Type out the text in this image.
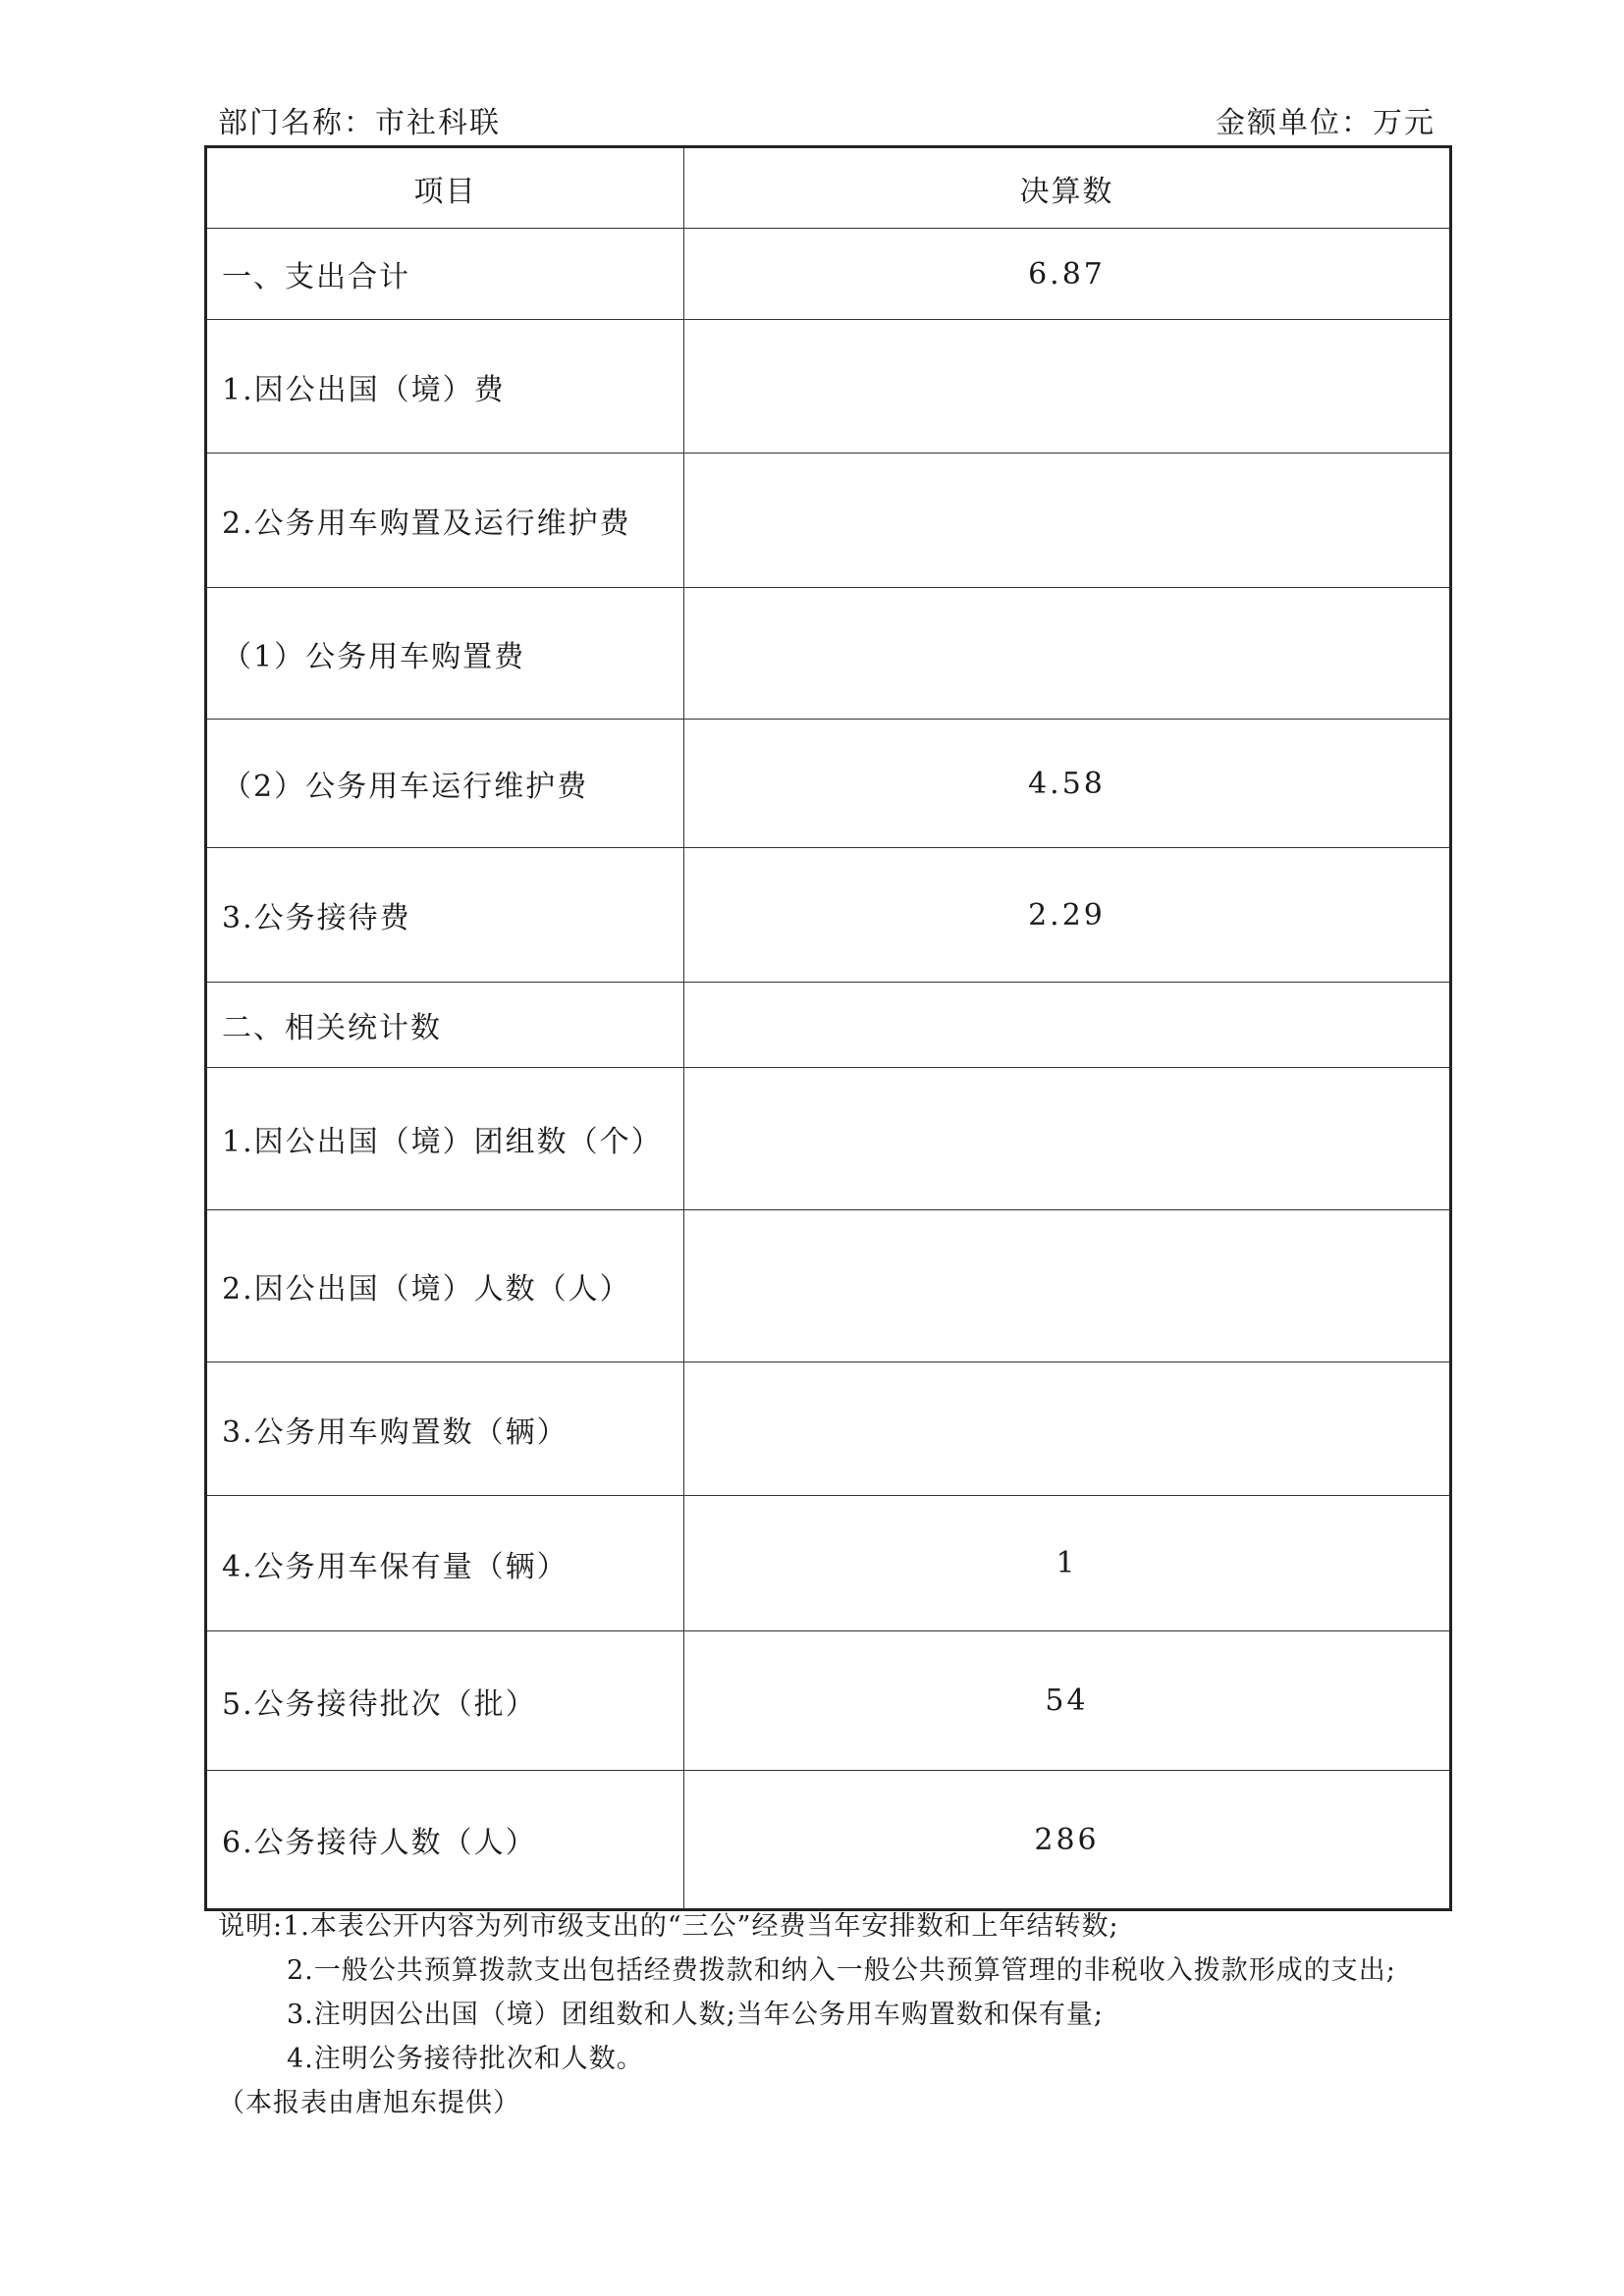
部门名称：市社科联	金额单位：万元
项目	决算数
一、支出合计	6.87
1.因公出国（境）费	
2.公务用车购置及运行维护费	
（1）公务用车购置费	
（2）公务用车运行维护费	4.58
3.公务接待费	2.29
二、相关统计数	
1.因公出国（境）团组数（个）	
2.因公出国（境）人数（人）	
3.公务用车购置数（辆）	
4.公务用车保有量（辆）	1
5.公务接待批次（批）	54
6.公务接待人数（人）	286
说明:1.本表公开内容为列市级支出的“三公”经费当年安排数和上年结转数;
2.一般公共预算拨款支出包括经费拨款和纳入一般公共预算管理的非税收入拨款形成的支出;
3.注明因公出国（境）团组数和人数;当年公务用车购置数和保有量;
4.注明公务接待批次和人数。
（本报表由唐旭东提供）
